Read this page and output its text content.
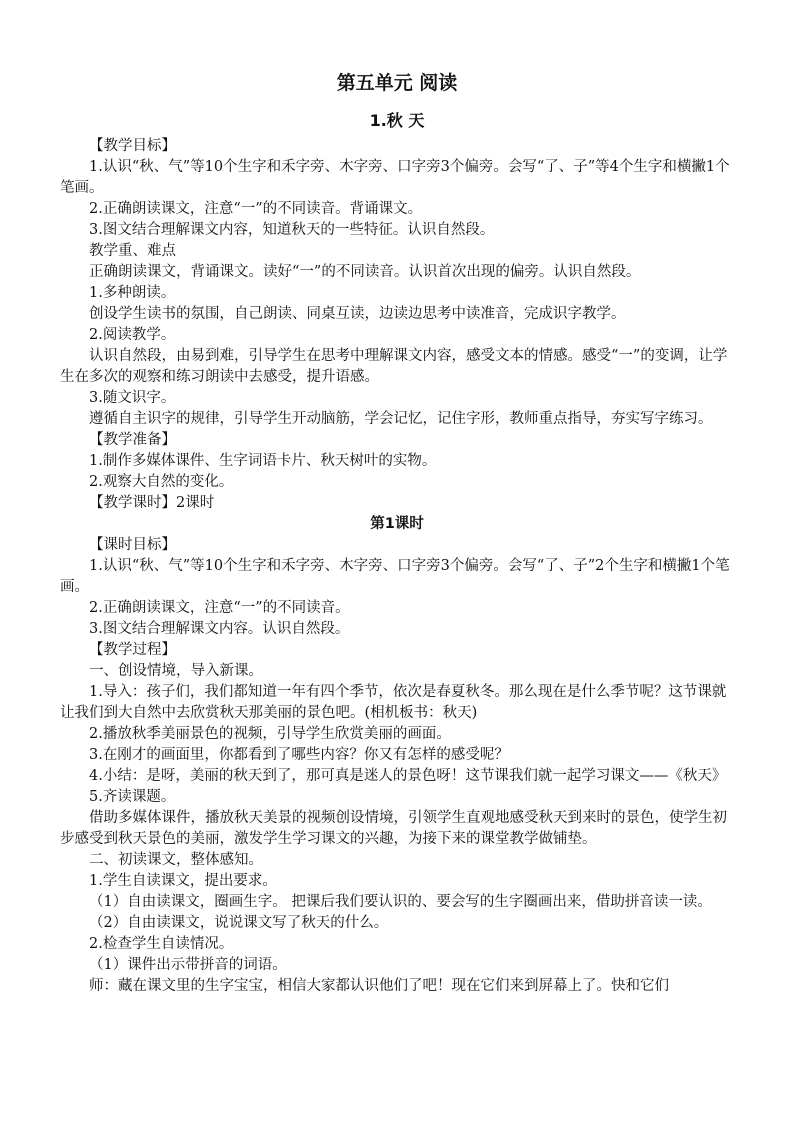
第五单元 阅读
1.秋 天

【教学目标】

1.认识“秋、气”等10个生字和禾字旁、木字旁、口字旁3个偏旁。会写“了、子”等4个生字和横撇1个笔画。

2.正确朗读课文，注意“一”的不同读音。背诵课文。

3.图文结合理解课文内容，知道秋天的一些特征。认识自然段。

教学重、难点

正确朗读课文，背诵课文。读好“一”的不同读音。认识首次出现的偏旁。认识自然段。

1.多种朗读。

创设学生读书的氛围，自己朗读、同桌互读，边读边思考中读准音，完成识字教学。

2.阅读教学。

认识自然段，由易到难，引导学生在思考中理解课文内容，感受文本的情感。感受“一”的变调，让学生在多次的观察和练习朗读中去感受，提升语感。

3.随文识字。

遵循自主识字的规律，引导学生开动脑筋，学会记忆，记住字形，教师重点指导，夯实写字练习。

【教学准备】

1.制作多媒体课件、生字词语卡片、秋天树叶的实物。

2.观察大自然的变化。

【教学课时】2课时

第1课时

【课时目标】

1.认识“秋、气”等10个生字和禾字旁、木字旁、口字旁3个偏旁。会写“了、子”2个生字和横撇1个笔画。

2.正确朗读课文，注意“一”的不同读音。

3.图文结合理解课文内容。认识自然段。

【教学过程】

一、创设情境，导入新课。

1.导入：孩子们，我们都知道一年有四个季节，依次是春夏秋冬。那么现在是什么季节呢？这节课就让我们到大自然中去欣赏秋天那美丽的景色吧。(相机板书：秋天)

2.播放秋季美丽景色的视频，引导学生欣赏美丽的画面。

3.在刚才的画面里，你都看到了哪些内容？你又有怎样的感受呢？

4.小结：是呀，美丽的秋天到了，那可真是迷人的景色呀！这节课我们就一起学习课文——《秋天》

5.齐读课题。

借助多媒体课件，播放秋天美景的视频创设情境，引领学生直观地感受秋天到来时的景色，使学生初步感受到秋天景色的美丽，激发学生学习课文的兴趣，为接下来的课堂教学做铺垫。

二、初读课文，整体感知。

1.学生自读课文，提出要求。

（1）自由读课文，圈画生字。 把课后我们要认识的、要会写的生字圈画出来，借助拼音读一读。

（2）自由读课文，说说课文写了秋天的什么。

2.检查学生自读情况。

（1）课件出示带拼音的词语。

师：藏在课文里的生字宝宝，相信大家都认识他们了吧！现在它们来到屏幕上了。快和它们
